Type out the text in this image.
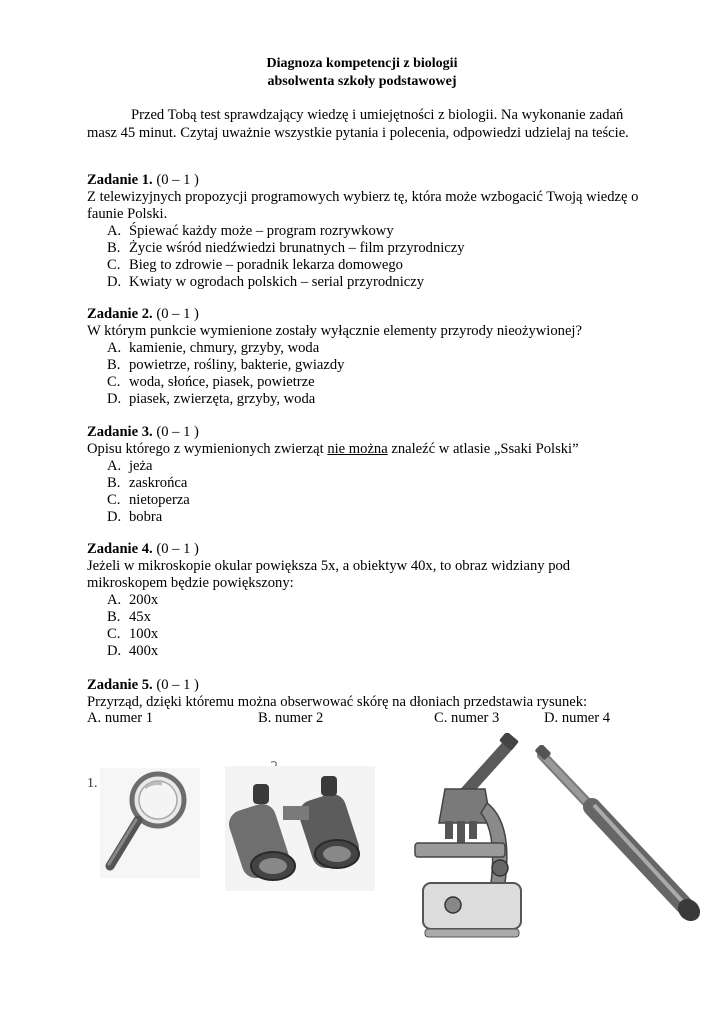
Diagnoza kompetencji z biologii
absolwenta szkoły podstawowej
Przed Tobą test sprawdzający wiedzę i umiejętności z biologii. Na wykonanie zadań masz 45 minut. Czytaj uważnie wszystkie pytania i polecenia, odpowiedzi udzielaj na teście.
Zadanie 1. (0 – 1 )
Z telewizyjnych propozycji programowych wybierz tę, która może wzbogacić Twoją wiedzę o faunie Polski.
A. Śpiewać każdy może – program rozrywkowy
B. Życie wśród niedźwiedzi brunatnych – film przyrodniczy
C. Bieg to zdrowie – poradnik lekarza domowego
D. Kwiaty w ogrodach polskich – serial przyrodniczy
Zadanie 2. (0 – 1 )
W którym punkcie wymienione zostały wyłącznie elementy przyrody nieożywionej?
A. kamienie, chmury, grzyby, woda
B. powietrze, rośliny, bakterie, gwiazdy
C. woda, słońce, piasek, powietrze
D. piasek, zwierzęta, grzyby, woda
Zadanie 3. (0 – 1 )
Opisu którego z wymienionych zwierząt nie można znaleźć w atlasie „Ssaki Polski”
A. jeża
B. zaskrońca
C. nietoperza
D. bobra
Zadanie 4. (0 – 1 )
Jeżeli w mikroskopie okular powiększa 5x, a obiektyw 40x, to obraz widziany pod mikroskopem będzie powiększony:
A. 200x
B. 45x
C. 100x
D. 400x
Zadanie 5. (0 – 1 )
Przyrząd, dzięki któremu można obserwować skórę na dłoniach przedstawia rysunek:
A. numer 1	B. numer 2	C. numer 3	D. numer 4
1.
